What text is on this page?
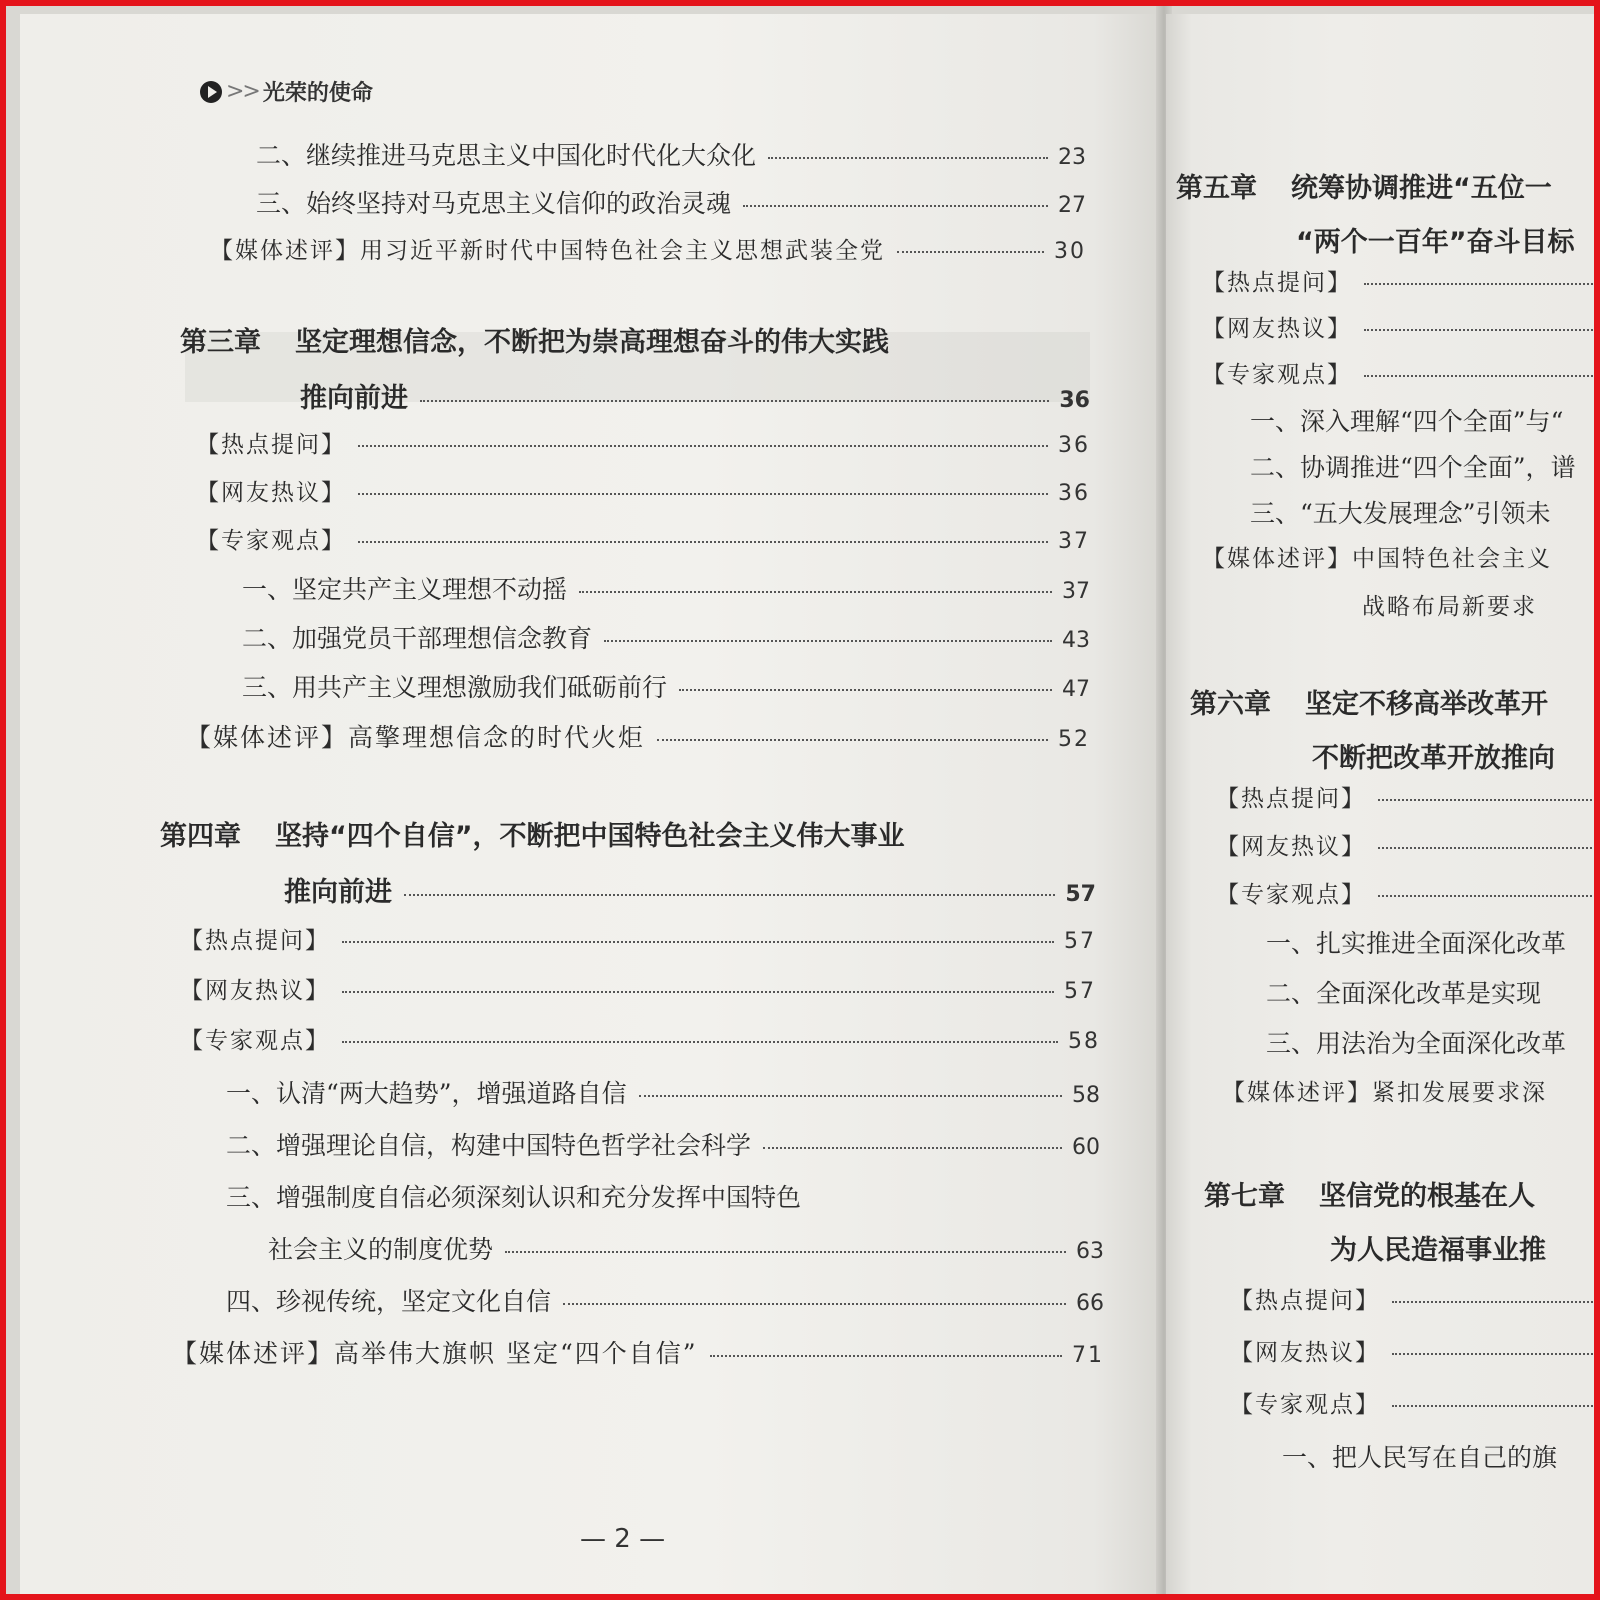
>> 光荣的使命
二、继续推进马克思主义中国化时代化大众化	23
三、始终坚持对马克思主义信仰的政治灵魂	27
【媒体述评】用习近平新时代中国特色社会主义思想武装全党	30
第三章 坚定理想信念，不断把为崇高理想奋斗的伟大实践
推向前进	36
【热点提问】	36
【网友热议】	36
【专家观点】	37
一、坚定共产主义理想不动摇	37
二、加强党员干部理想信念教育	43
三、用共产主义理想激励我们砥砺前行	47
【媒体述评】高擎理想信念的时代火炬	52
第四章 坚持“四个自信”，不断把中国特色社会主义伟大事业
推向前进	57
【热点提问】	57
【网友热议】	57
【专家观点】	58
一、认清“两大趋势”，增强道路自信	58
二、增强理论自信，构建中国特色哲学社会科学	60
三、增强制度自信必须深刻认识和充分发挥中国特色
社会主义的制度优势	63
四、珍视传统，坚定文化自信	66
【媒体述评】高举伟大旗帜 坚定“四个自信”	71
— 2 —
第五章 统筹协调推进“五位一
“两个一百年”奋斗目标
【热点提问】
【网友热议】
【专家观点】
一、深入理解“四个全面”与“
二、协调推进“四个全面”，谱
三、“五大发展理念”引领未
【媒体述评】中国特色社会主义
战略布局新要求
第六章 坚定不移高举改革开
不断把改革开放推向
【热点提问】
【网友热议】
【专家观点】
一、扎实推进全面深化改革
二、全面深化改革是实现
三、用法治为全面深化改革
【媒体述评】紧扣发展要求深
第七章 坚信党的根基在人
为人民造福事业推
【热点提问】
【网友热议】
【专家观点】
一、把人民写在自己的旗
